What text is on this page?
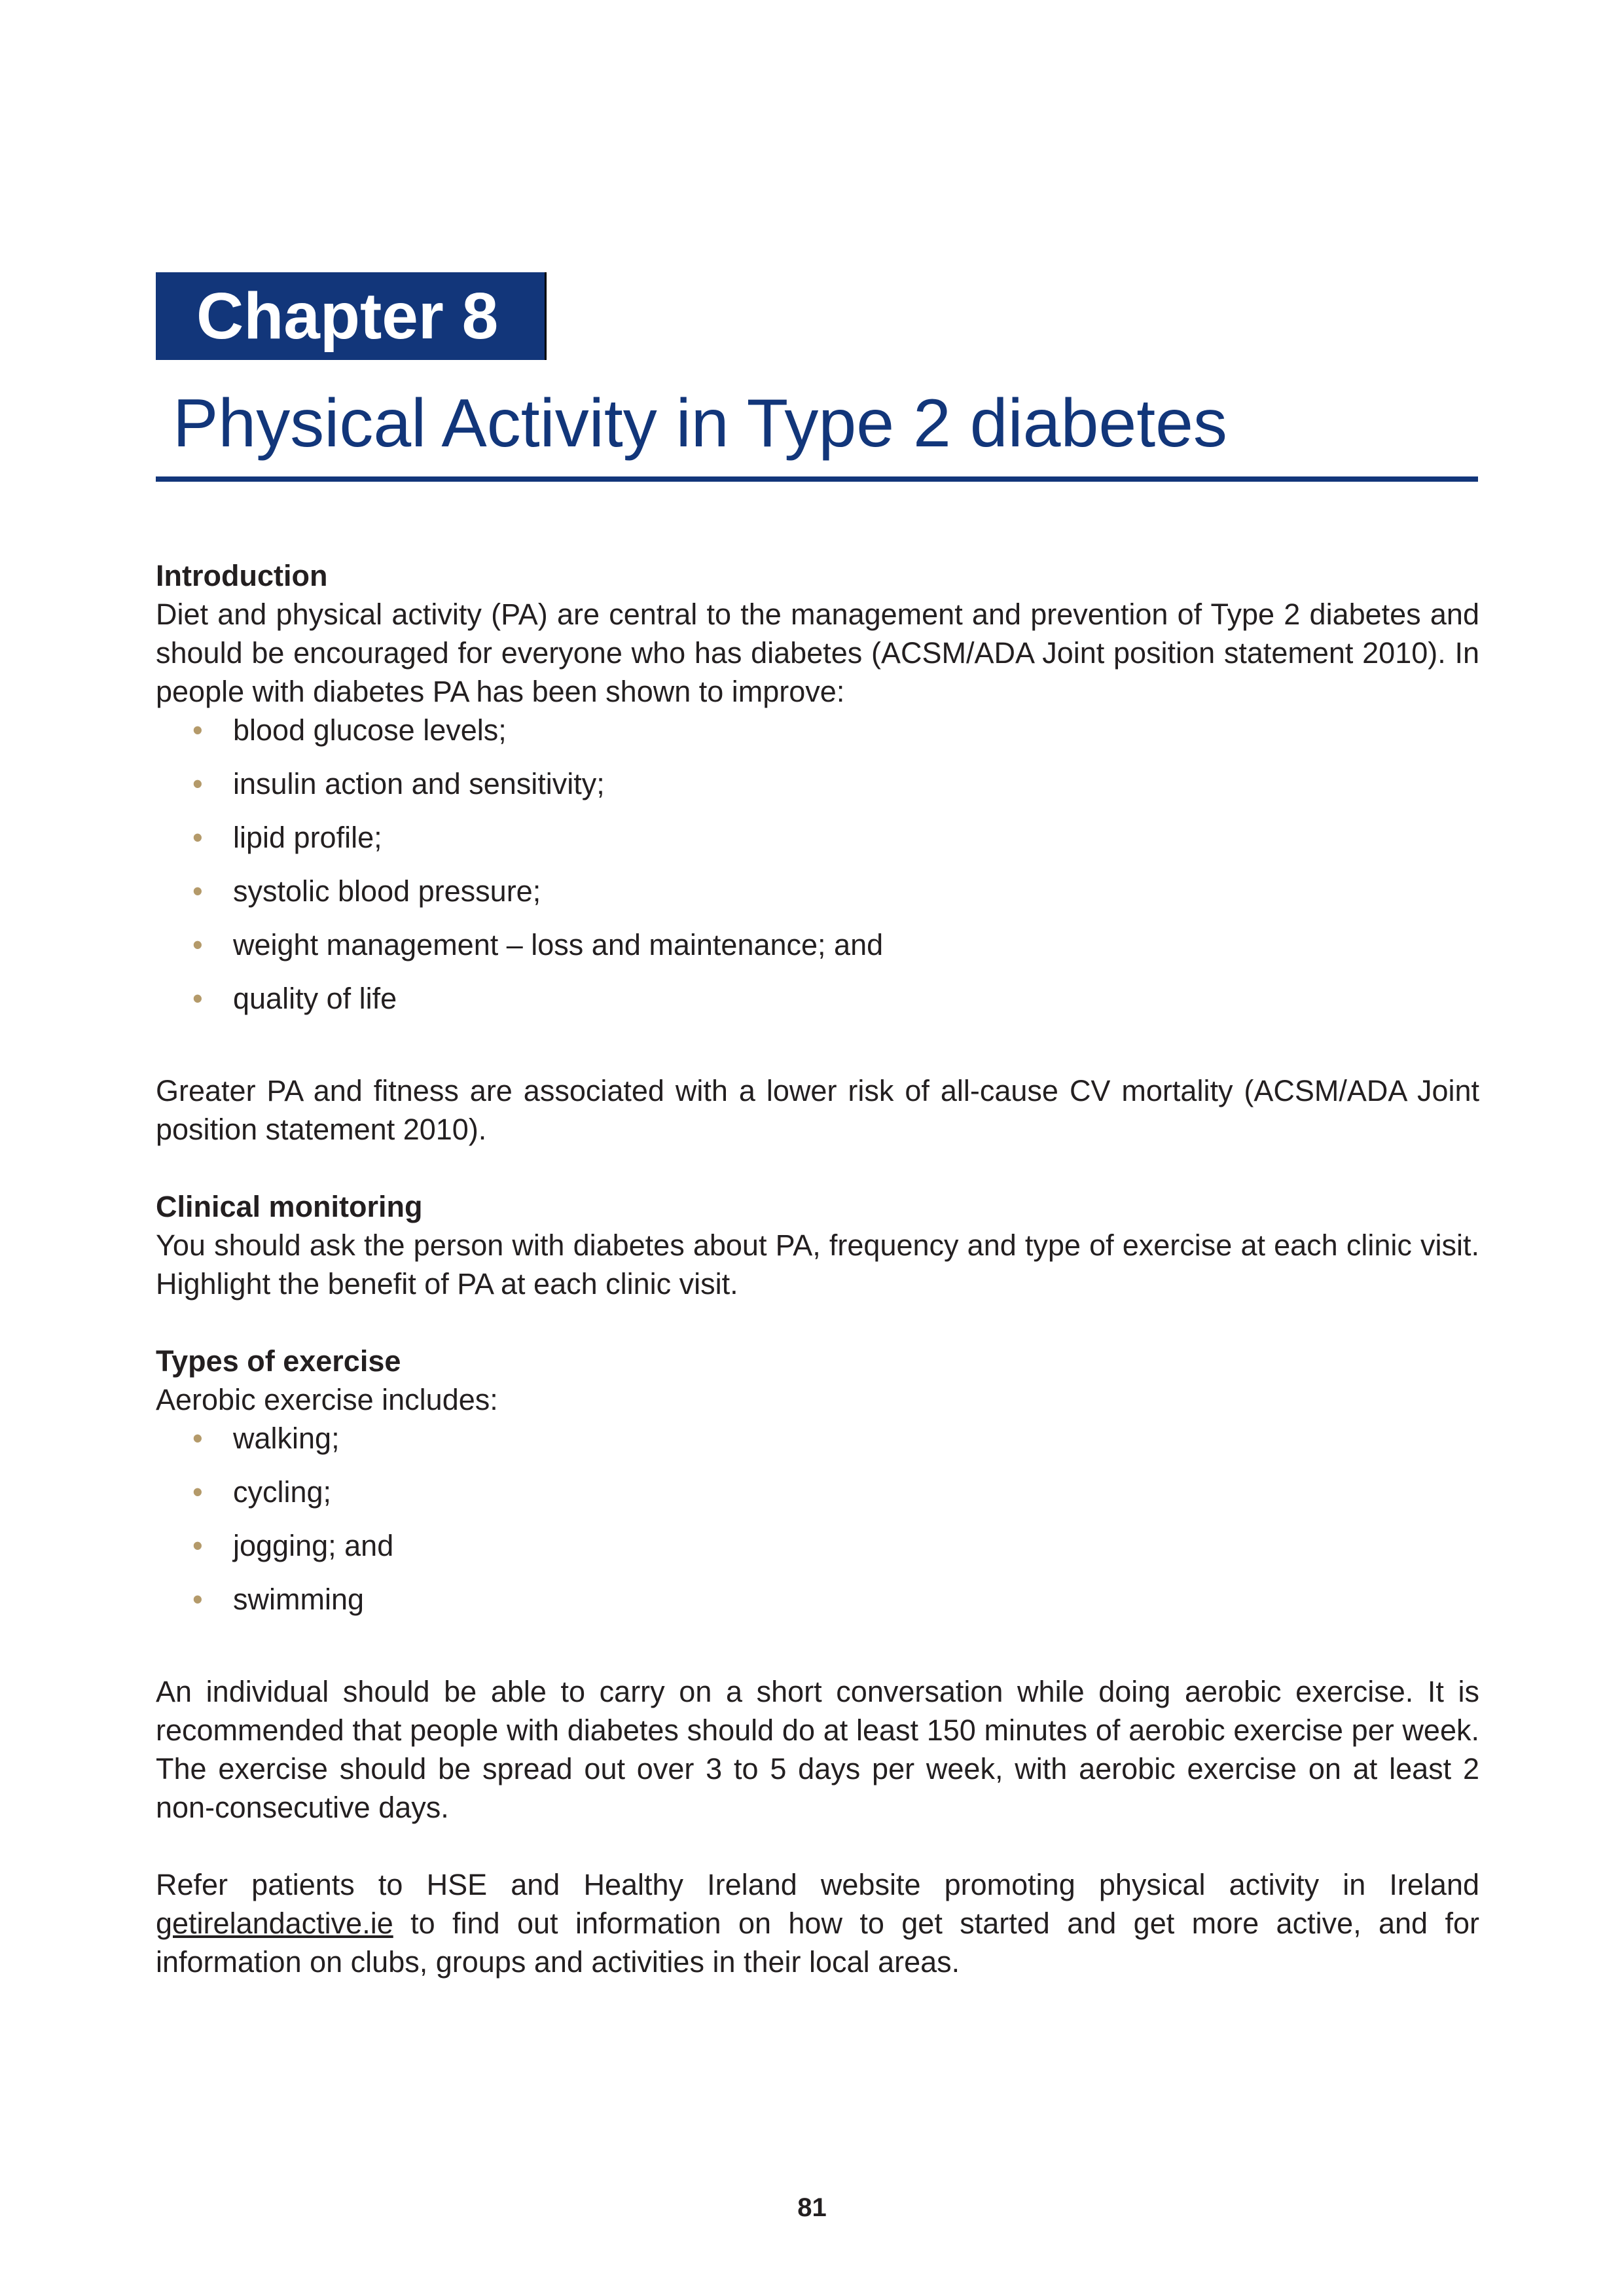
Chapter 8
Physical Activity in Type 2 diabetes

Introduction

Diet and physical activity (PA) are central to the management and prevention of Type 2 diabetes and should be encouraged for everyone who has diabetes (ACSM/ADA Joint position statement 2010). In people with diabetes PA has been shown to improve:

• blood glucose levels;
• insulin action and sensitivity;
• lipid profile;
• systolic blood pressure;
• weight management – loss and maintenance; and
• quality of life

Greater PA and fitness are associated with a lower risk of all-cause CV mortality (ACSM/ADA Joint position statement 2010).

Clinical monitoring

You should ask the person with diabetes about PA, frequency and type of exercise at each clinic visit. Highlight the benefit of PA at each clinic visit.

Types of exercise

Aerobic exercise includes:

• walking;
• cycling;
• jogging; and
• swimming

An individual should be able to carry on a short conversation while doing aerobic exercise. It is recommended that people with diabetes should do at least 150 minutes of aerobic exercise per week. The exercise should be spread out over 3 to 5 days per week, with aerobic exercise on at least 2 non-consecutive days.

Refer patients to HSE and Healthy Ireland website promoting physical activity in Ireland getirelandactive.ie to find out information on how to get started and get more active, and for information on clubs, groups and activities in their local areas.

81
